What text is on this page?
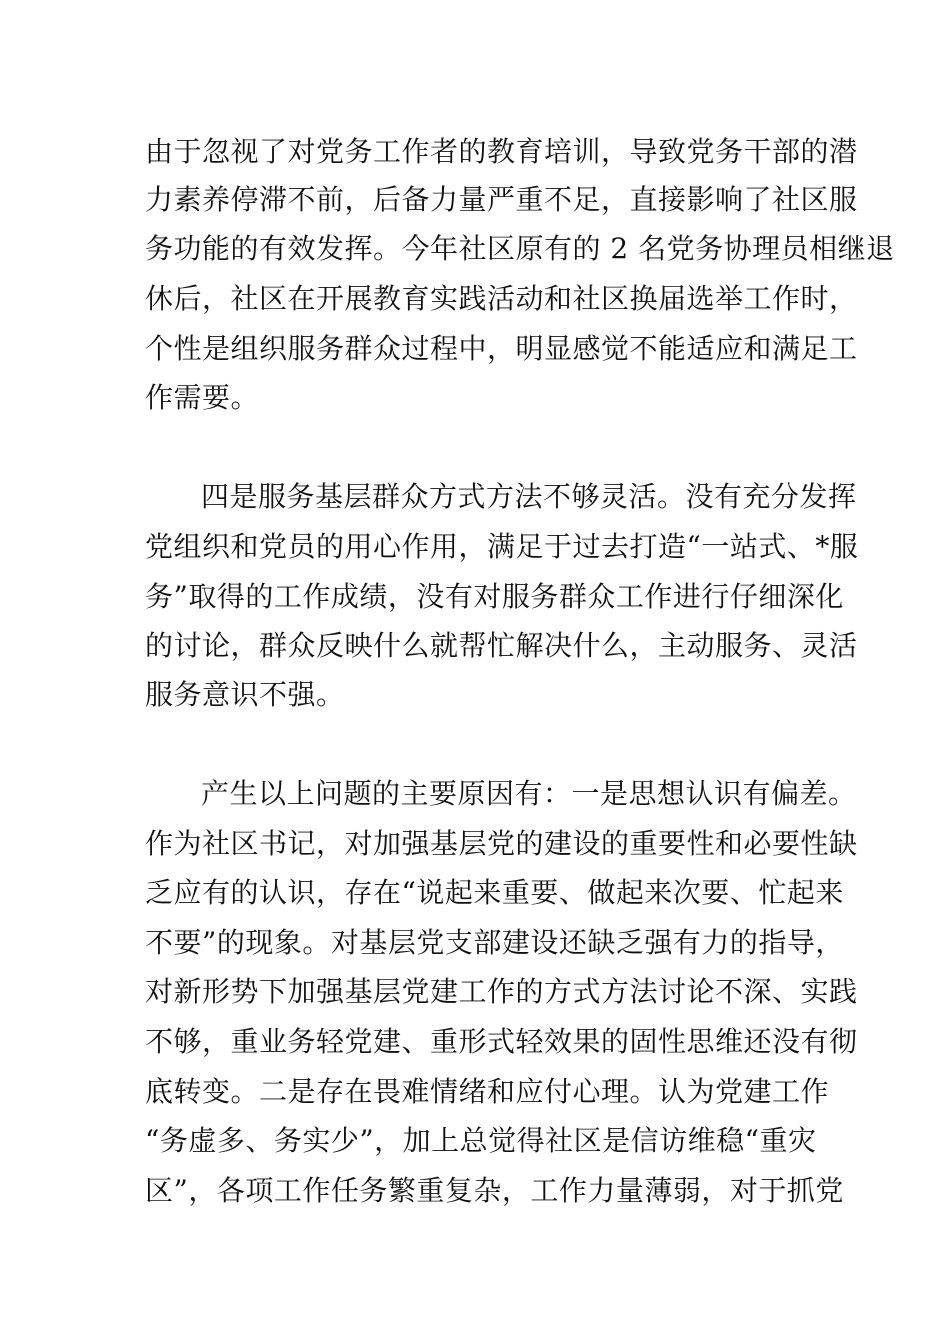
由于忽视了对党务工作者的教育培训，导致党务干部的潜
力素养停滞不前，后备力量严重不足，直接影响了社区服
务功能的有效发挥。今年社区原有的 2 名党务协理员相继退
休后，社区在开展教育实践活动和社区换届选举工作时，
个性是组织服务群众过程中，明显感觉不能适应和满足工
作需要。
四是服务基层群众方式方法不够灵活。没有充分发挥
党组织和党员的用心作用，满足于过去打造“一站式、*服
务”取得的工作成绩，没有对服务群众工作进行仔细深化
的讨论，群众反映什么就帮忙解决什么，主动服务、灵活
服务意识不强。
产生以上问题的主要原因有：一是思想认识有偏差。
作为社区书记，对加强基层党的建设的重要性和必要性缺
乏应有的认识，存在“说起来重要、做起来次要、忙起来
不要”的现象。对基层党支部建设还缺乏强有力的指导，
对新形势下加强基层党建工作的方式方法讨论不深、实践
不够，重业务轻党建、重形式轻效果的固性思维还没有彻
底转变。二是存在畏难情绪和应付心理。认为党建工作
“务虚多、务实少”，加上总觉得社区是信访维稳“重灾
区”，各项工作任务繁重复杂，工作力量薄弱，对于抓党
